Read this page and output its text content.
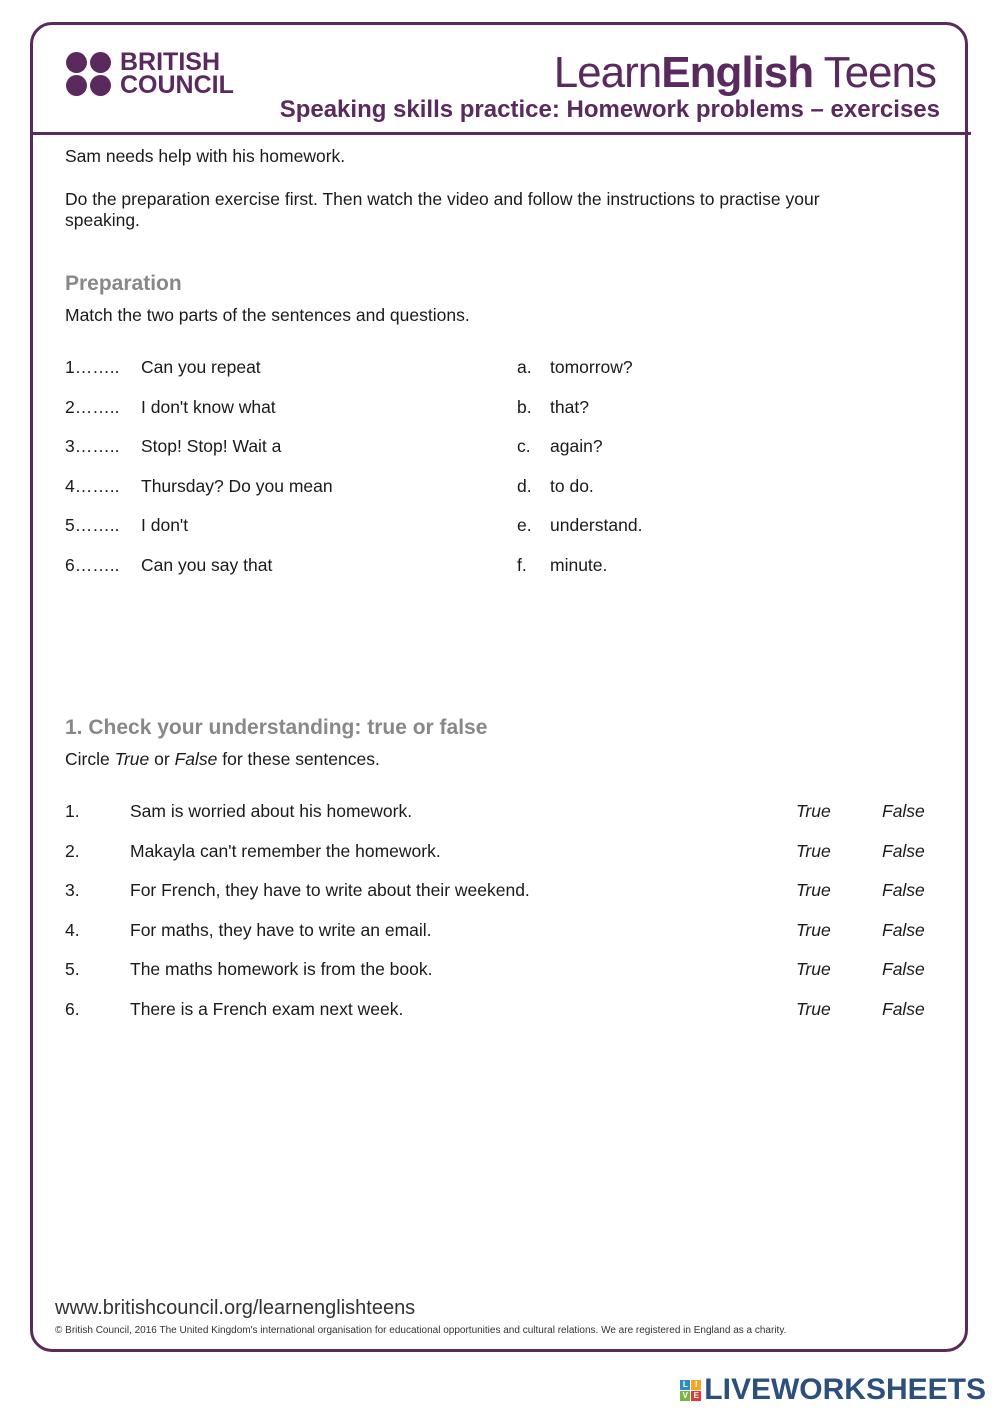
BRITISH
COUNCIL	LearnEnglish Teens
Speaking skills practice: Homework problems – exercises
Sam needs help with his homework.
Do the preparation exercise first. Then watch the video and follow the instructions to practise your speaking.
Preparation
Match the two parts of the sentences and questions.
1…….. Can you repeat	a. tomorrow?
2…….. I don't know what	b. that?
3…….. Stop! Stop! Wait a	c. again?
4…….. Thursday? Do you mean	d. to do.
5…….. I don't	e. understand.
6…….. Can you say that	f. minute.
1. Check your understanding: true or false
Circle True or False for these sentences.
1.	Sam is worried about his homework.	True	False
2.	Makayla can't remember the homework.	True	False
3.	For French, they have to write about their weekend.	True	False
4.	For maths, they have to write an email.	True	False
5.	The maths homework is from the book.	True	False
6.	There is a French exam next week.	True	False
www.britishcouncil.org/learnenglishteens
© British Council, 2016 The United Kingdom's international organisation for educational opportunities and cultural relations. We are registered in England as a charity.
L I
V E LIVEWORKSHEETS
